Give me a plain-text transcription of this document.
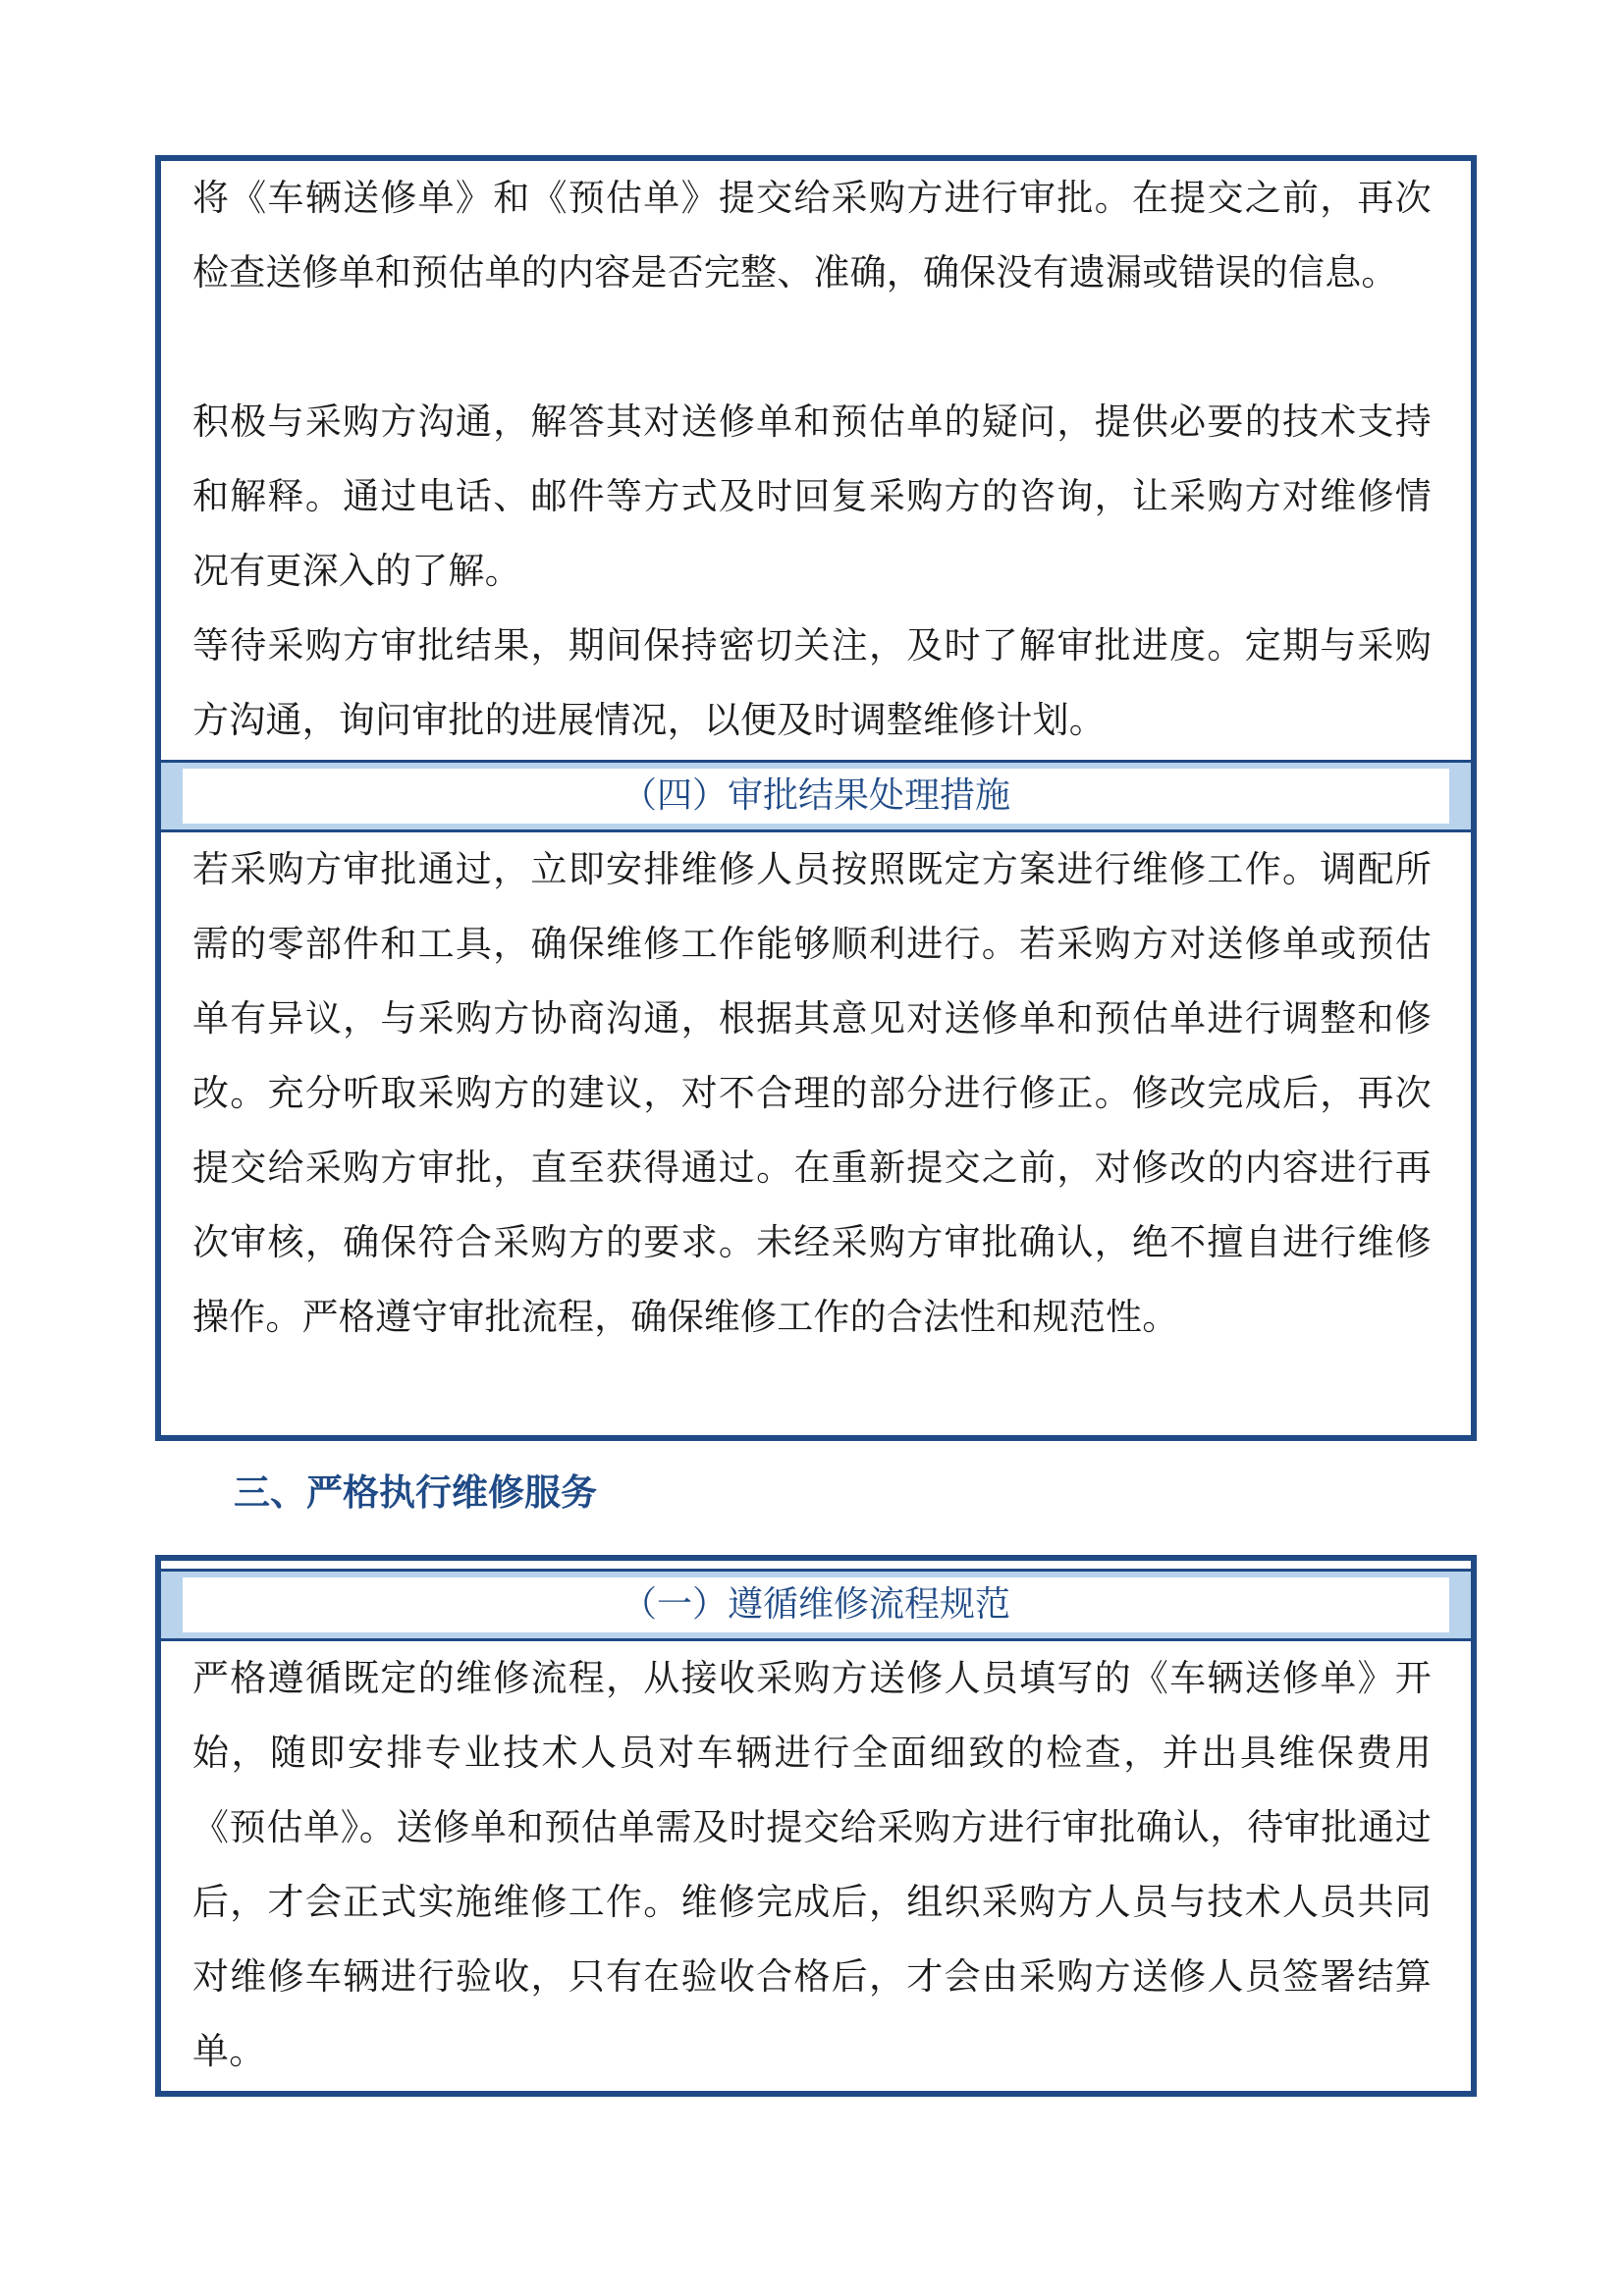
将《车辆送修单》和《预估单》提交给采购方进行审批。在提交之前，再次检查送修单和预估单的内容是否完整、准确，确保没有遗漏或错误的信息。

积极与采购方沟通，解答其对送修单和预估单的疑问，提供必要的技术支持和解释。通过电话、邮件等方式及时回复采购方的咨询，让采购方对维修情况有更深入的了解。

等待采购方审批结果，期间保持密切关注，及时了解审批进度。定期与采购方沟通，询问审批的进展情况，以便及时调整维修计划。

（四）审批结果处理措施

若采购方审批通过，立即安排维修人员按照既定方案进行维修工作。调配所需的零部件和工具，确保维修工作能够顺利进行。若采购方对送修单或预估单有异议，与采购方协商沟通，根据其意见对送修单和预估单进行调整和修改。充分听取采购方的建议，对不合理的部分进行修正。修改完成后，再次提交给采购方审批，直至获得通过。在重新提交之前，对修改的内容进行再次审核，确保符合采购方的要求。未经采购方审批确认，绝不擅自进行维修操作。严格遵守审批流程，确保维修工作的合法性和规范性。

三、严格执行维修服务
（一）遵循维修流程规范

严格遵循既定的维修流程，从接收采购方送修人员填写的《车辆送修单》开始，随即安排专业技术人员对车辆进行全面细致的检查，并出具维保费用《预估单》。送修单和预估单需及时提交给采购方进行审批确认，待审批通过后，才会正式实施维修工作。维修完成后，组织采购方人员与技术人员共同对维修车辆进行验收，只有在验收合格后，才会由采购方送修人员签署结算单。
